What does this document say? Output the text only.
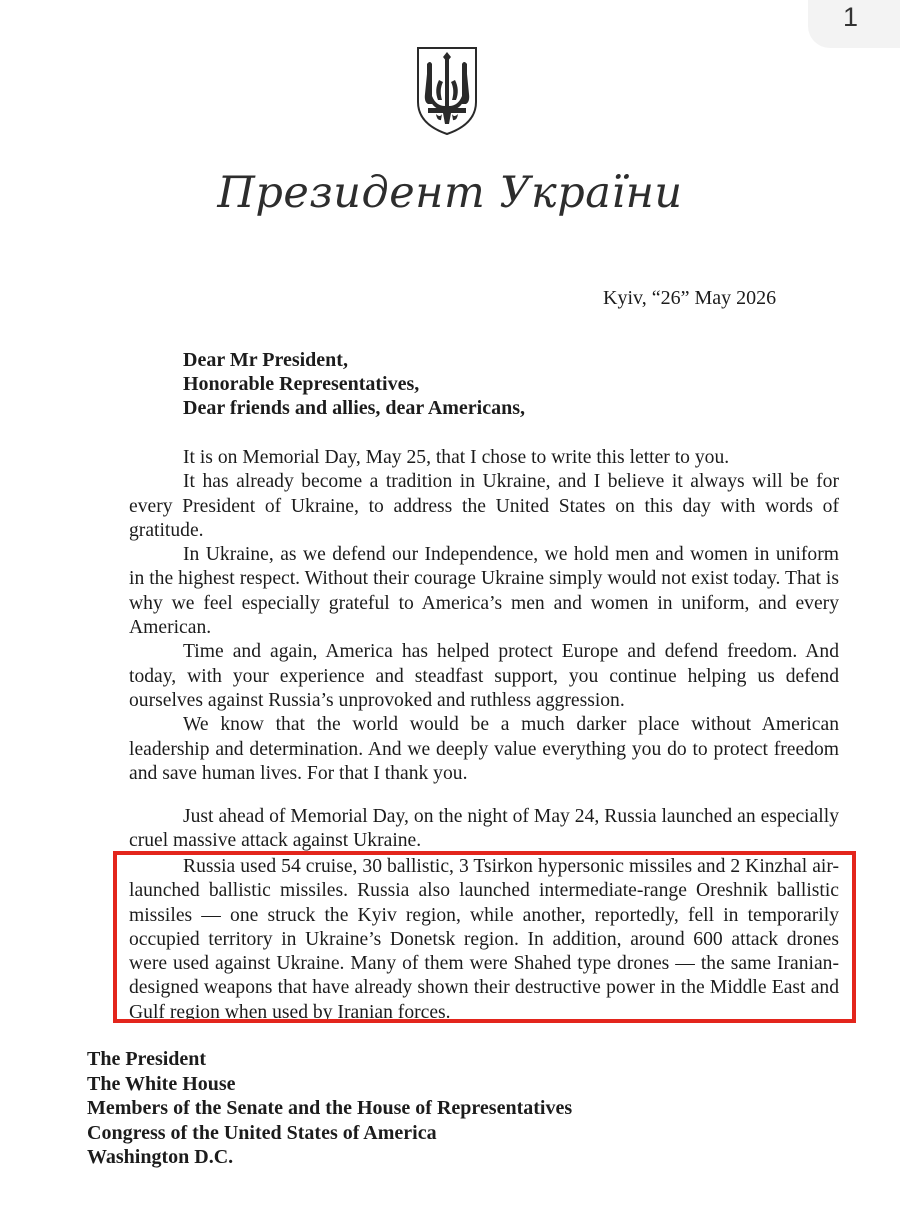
1
Президент України
Kyiv, “26” May 2026
Dear Mr President,
Honorable Representatives,
Dear friends and allies, dear Americans,

It is on Memorial Day, May 25, that I chose to write this letter to you.

It has already become a tradition in Ukraine, and I believe it always will be for every President of Ukraine, to address the United States on this day with words of gratitude.

In Ukraine, as we defend our Independence, we hold men and women in uniform in the highest respect. Without their courage Ukraine simply would not exist today. That is why we feel especially grateful to America’s men and women in uniform, and every American.

Time and again, America has helped protect Europe and defend freedom. And today, with your experience and steadfast support, you continue helping us defend ourselves against Russia’s unprovoked and ruthless aggression.

We know that the world would be a much darker place without American leadership and determination. And we deeply value everything you do to protect freedom and save human lives. For that I thank you.

Just ahead of Memorial Day, on the night of May 24, Russia launched an especially cruel massive attack against Ukraine.

Russia used 54 cruise, 30 ballistic, 3 Tsirkon hypersonic missiles and 2 Kinzhal air-launched ballistic missiles. Russia also launched intermediate-range Oreshnik ballistic missiles — one struck the Kyiv region, while another, reportedly, fell in temporarily occupied territory in Ukraine’s Donetsk region. In addition, around 600 attack drones were used against Ukraine. Many of them were Shahed type drones — the same Iranian-designed weapons that have already shown their destructive power in the Middle East and Gulf region when used by Iranian forces.

The President
The White House
Members of the Senate and the House of Representatives
Congress of the United States of America
Washington D.C.
